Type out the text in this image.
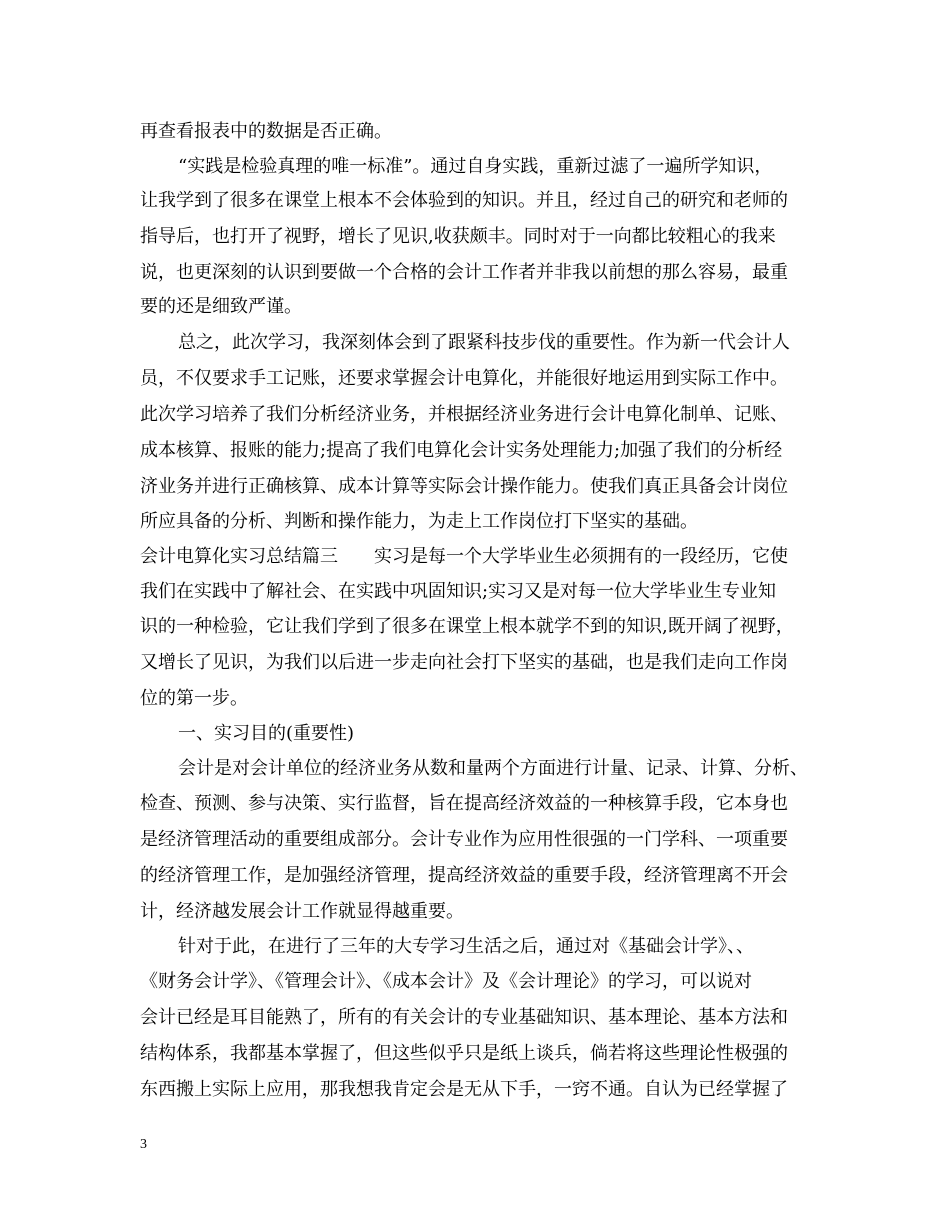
再查看报表中的数据是否正确。
“实践是检验真理的唯一标准”。通过自身实践，重新过滤了一遍所学知识，
让我学到了很多在课堂上根本不会体验到的知识。并且，经过自己的研究和老师的
指导后，也打开了视野，增长了见识,收获颇丰。同时对于一向都比较粗心的我来
说，也更深刻的认识到要做一个合格的会计工作者并非我以前想的那么容易，最重
要的还是细致严谨。
总之，此次学习，我深刻体会到了跟紧科技步伐的重要性。作为新一代会计人
员，不仅要求手工记账，还要求掌握会计电算化，并能很好地运用到实际工作中。
此次学习培养了我们分析经济业务，并根据经济业务进行会计电算化制单、记账、
成本核算、报账的能力;提高了我们电算化会计实务处理能力;加强了我们的分析经
济业务并进行正确核算、成本计算等实际会计操作能力。使我们真正具备会计岗位
所应具备的分析、判断和操作能力，为走上工作岗位打下坚实的基础。
会计电算化实习总结篇三　　实习是每一个大学毕业生必须拥有的一段经历，它使
我们在实践中了解社会、在实践中巩固知识;实习又是对每一位大学毕业生专业知
识的一种检验，它让我们学到了很多在课堂上根本就学不到的知识,既开阔了视野，
又增长了见识，为我们以后进一步走向社会打下坚实的基础，也是我们走向工作岗
位的第一步。
一、实习目的(重要性)
会计是对会计单位的经济业务从数和量两个方面进行计量、记录、计算、分析、
检查、预测、参与决策、实行监督，旨在提高经济效益的一种核算手段，它本身也
是经济管理活动的重要组成部分。会计专业作为应用性很强的一门学科、一项重要
的经济管理工作，是加强经济管理，提高经济效益的重要手段，经济管理离不开会
计，经济越发展会计工作就显得越重要。
针对于此，在进行了三年的大专学习生活之后，通过对《基础会计学》、、
《财务会计学》、《管理会计》、《成本会计》及《会计理论》的学习，可以说对
会计已经是耳目能熟了，所有的有关会计的专业基础知识、基本理论、基本方法和
结构体系，我都基本掌握了，但这些似乎只是纸上谈兵，倘若将这些理论性极强的
东西搬上实际上应用，那我想我肯定会是无从下手，一窍不通。自认为已经掌握了
3
